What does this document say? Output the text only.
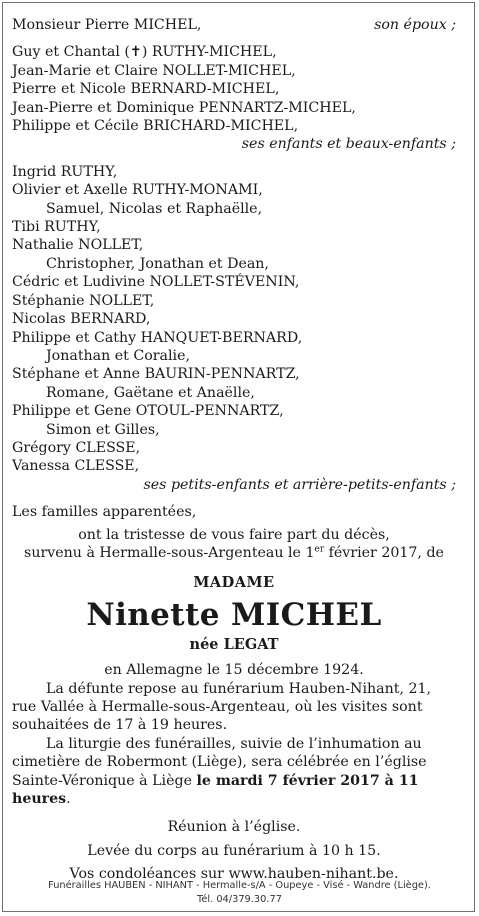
Monsieur Pierre MICHEL,	son époux ;
Guy et Chantal (✝) RUTHY-MICHEL,
Jean-Marie et Claire NOLLET-MICHEL,
Pierre et Nicole BERNARD-MICHEL,
Jean-Pierre et Dominique PENNARTZ-MICHEL,
Philippe et Cécile BRICHARD-MICHEL,
ses enfants et beaux-enfants ;
Ingrid RUTHY,
Olivier et Axelle RUTHY-MONAMI,
Samuel, Nicolas et Raphaëlle,
Tibi RUTHY,
Nathalie NOLLET,
Christopher, Jonathan et Dean,
Cédric et Ludivine NOLLET-STÉVENIN,
Stéphanie NOLLET,
Nicolas BERNARD,
Philippe et Cathy HANQUET-BERNARD,
Jonathan et Coralie,
Stéphane et Anne BAURIN-PENNARTZ,
Romane, Gaëtane et Anaëlle,
Philippe et Gene OTOUL-PENNARTZ,
Simon et Gilles,
Grégory CLESSE,
Vanessa CLESSE,
ses petits-enfants et arrière-petits-enfants ;
Les familles apparentées,
ont la tristesse de vous faire part du décès,
survenu à Hermalle-sous-Argenteau le 1er février 2017, de
MADAME
Ninette MICHEL
née LEGAT
en Allemagne le 15 décembre 1924.

La défunte repose au funérarium Hauben-Nihant, 21, rue Vallée à Hermalle-sous-Argenteau, où les visites sont souhaitées de 17 à 19 heures.

La liturgie des funérailles, suivie de l’inhumation au cimetière de Robermont (Liège), sera célébrée en l’église Sainte-Véronique à Liège le mardi 7 février 2017 à 11 heures.

Réunion à l’église.
Levée du corps au funérarium à 10 h 15.
Vos condoléances sur www.hauben-nihant.be.
Funérailles HAUBEN - NIHANT - Hermalle-s/A - Oupeye - Visé - Wandre (Liège).
Tél. 04/379.30.77
